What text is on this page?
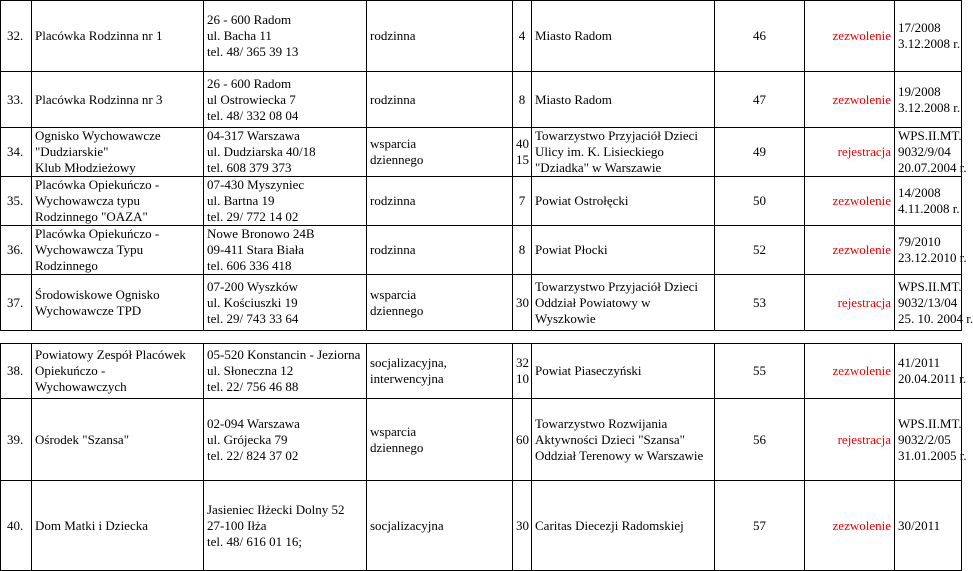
32.	Placówka Rodzinna nr 1	26 - 600 Radom
ul. Bacha 11
tel. 48/ 365 39 13	rodzinna	4	Miasto Radom	46	zezwolenie	17/2008
3.12.2008 r.

33.	Placówka Rodzinna nr 3	26 - 600 Radom
ul Ostrowiecka 7
tel. 48/ 332 08 04	rodzinna	8	Miasto Radom	47	zezwolenie	19/2008
3.12.2008 r.

34.	Ognisko Wychowawcze
"Dudziarskie"
Klub Młodzieżowy	04-317 Warszawa
ul. Dudziarska 40/18
tel. 608 379 373	wsparcia
dziennego	40
15	Towarzystwo Przyjaciół Dzieci
Ulicy im. K. Lisieckiego
"Dziadka" w Warszawie	49	rejestracja	WPS.II.MT.
9032/9/04
20.07.2004 r.

35.	Placówka Opiekuńczo -
Wychowawcza typu
Rodzinnego "OAZA"	07-430 Myszyniec
ul. Bartna 19
tel. 29/ 772 14 02	rodzinna	7	Powiat Ostrołęcki	50	zezwolenie	14/2008
4.11.2008 r.

36.	Placówka Opiekuńczo -
Wychowawcza Typu
Rodzinnego	Nowe Bronowo 24B
09-411 Stara Biała
tel. 606 336 418	rodzinna	8	Powiat Płocki	52	zezwolenie	79/2010
23.12.2010 r.

37.	Środowiskowe Ognisko
Wychowawcze TPD	07-200 Wyszków
ul. Kościuszki 19
tel. 29/ 743 33 64	wsparcia
dziennego	30	Towarzystwo Przyjaciół Dzieci
Oddział Powiatowy w
Wyszkowie	53	rejestracja	WPS.II.MT.
9032/13/04
25. 10. 2004 r.

38.	Powiatowy Zespół Placówek
Opiekuńczo -
Wychowawczych	05-520 Konstancin - Jeziorna
ul. Słoneczna 12
tel. 22/ 756 46 88	socjalizacyjna,
interwencyjna	32
10	Powiat Piaseczyński	55	zezwolenie	41/2011
20.04.2011 r.

39.	Ośrodek "Szansa"	02-094 Warszawa
ul. Grójecka 79
tel. 22/ 824 37 02	wsparcia
dziennego	60	Towarzystwo Rozwijania
Aktywności Dzieci "Szansa"
Oddział Terenowy w Warszawie	56	rejestracja	WPS.II.MT.
9032/2/05
31.01.2005 r.

40.	Dom Matki i Dziecka	Jasieniec Iłżecki Dolny 52
27-100 Iłża
tel. 48/ 616 01 16;	socjalizacyjna	30	Caritas Diecezji Radomskiej	57	zezwolenie	30/2011
